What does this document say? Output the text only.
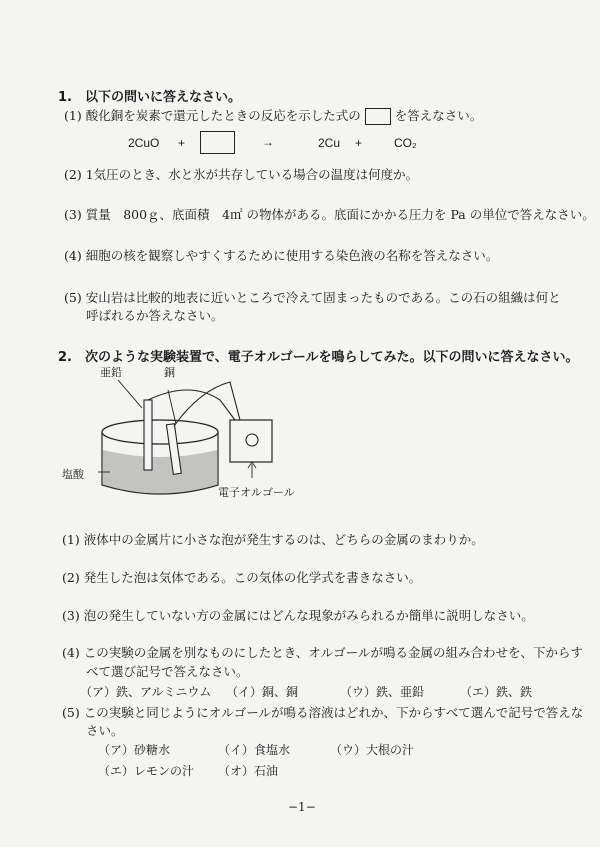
1.　以下の問いに答えなさい。
(1) 酸化銅を炭素で還元したときの反応を示した式の	を答えなさい。
2CuO +	→	2Cu +	CO₂
(2) 1気圧のとき、水と氷が共存している場合の温度は何度か。
(3) 質量　800ｇ、底面積　4㎡ の物体がある。底面にかかる圧力を Pa の単位で答えなさい。
(4) 細胞の核を観察しやすくするために使用する染色液の名称を答えなさい。
(5) 安山岩は比較的地表に近いところで冷えて固まったものである。この石の組織は何と
呼ばれるか答えなさい。
2.　次のような実験装置で、電子オルゴールを鳴らしてみた。以下の問いに答えなさい。
亜鉛	銅
塩酸
電子オルゴール
(1) 液体中の金属片に小さな泡が発生するのは、どちらの金属のまわりか。
(2) 発生した泡は気体である。この気体の化学式を書きなさい。
(3) 泡の発生していない方の金属にはどんな現象がみられるか簡単に説明しなさい。
(4) この実験の金属を別なものにしたとき、オルゴールが鳴る金属の組み合わせを、下からす
べて選び記号で答えなさい。
（ア）鉄、アルミニウム （イ）銅、銅	（ウ）鉄、亜鉛	（エ）鉄、鉄
(5) この実験と同じようにオルゴールが鳴る溶液はどれか、下からすべて選んで記号で答えな
さい。
（ア）砂糖水	（イ）食塩水	（ウ）大根の汁
（エ）レモンの汁 （オ）石油
−1−
